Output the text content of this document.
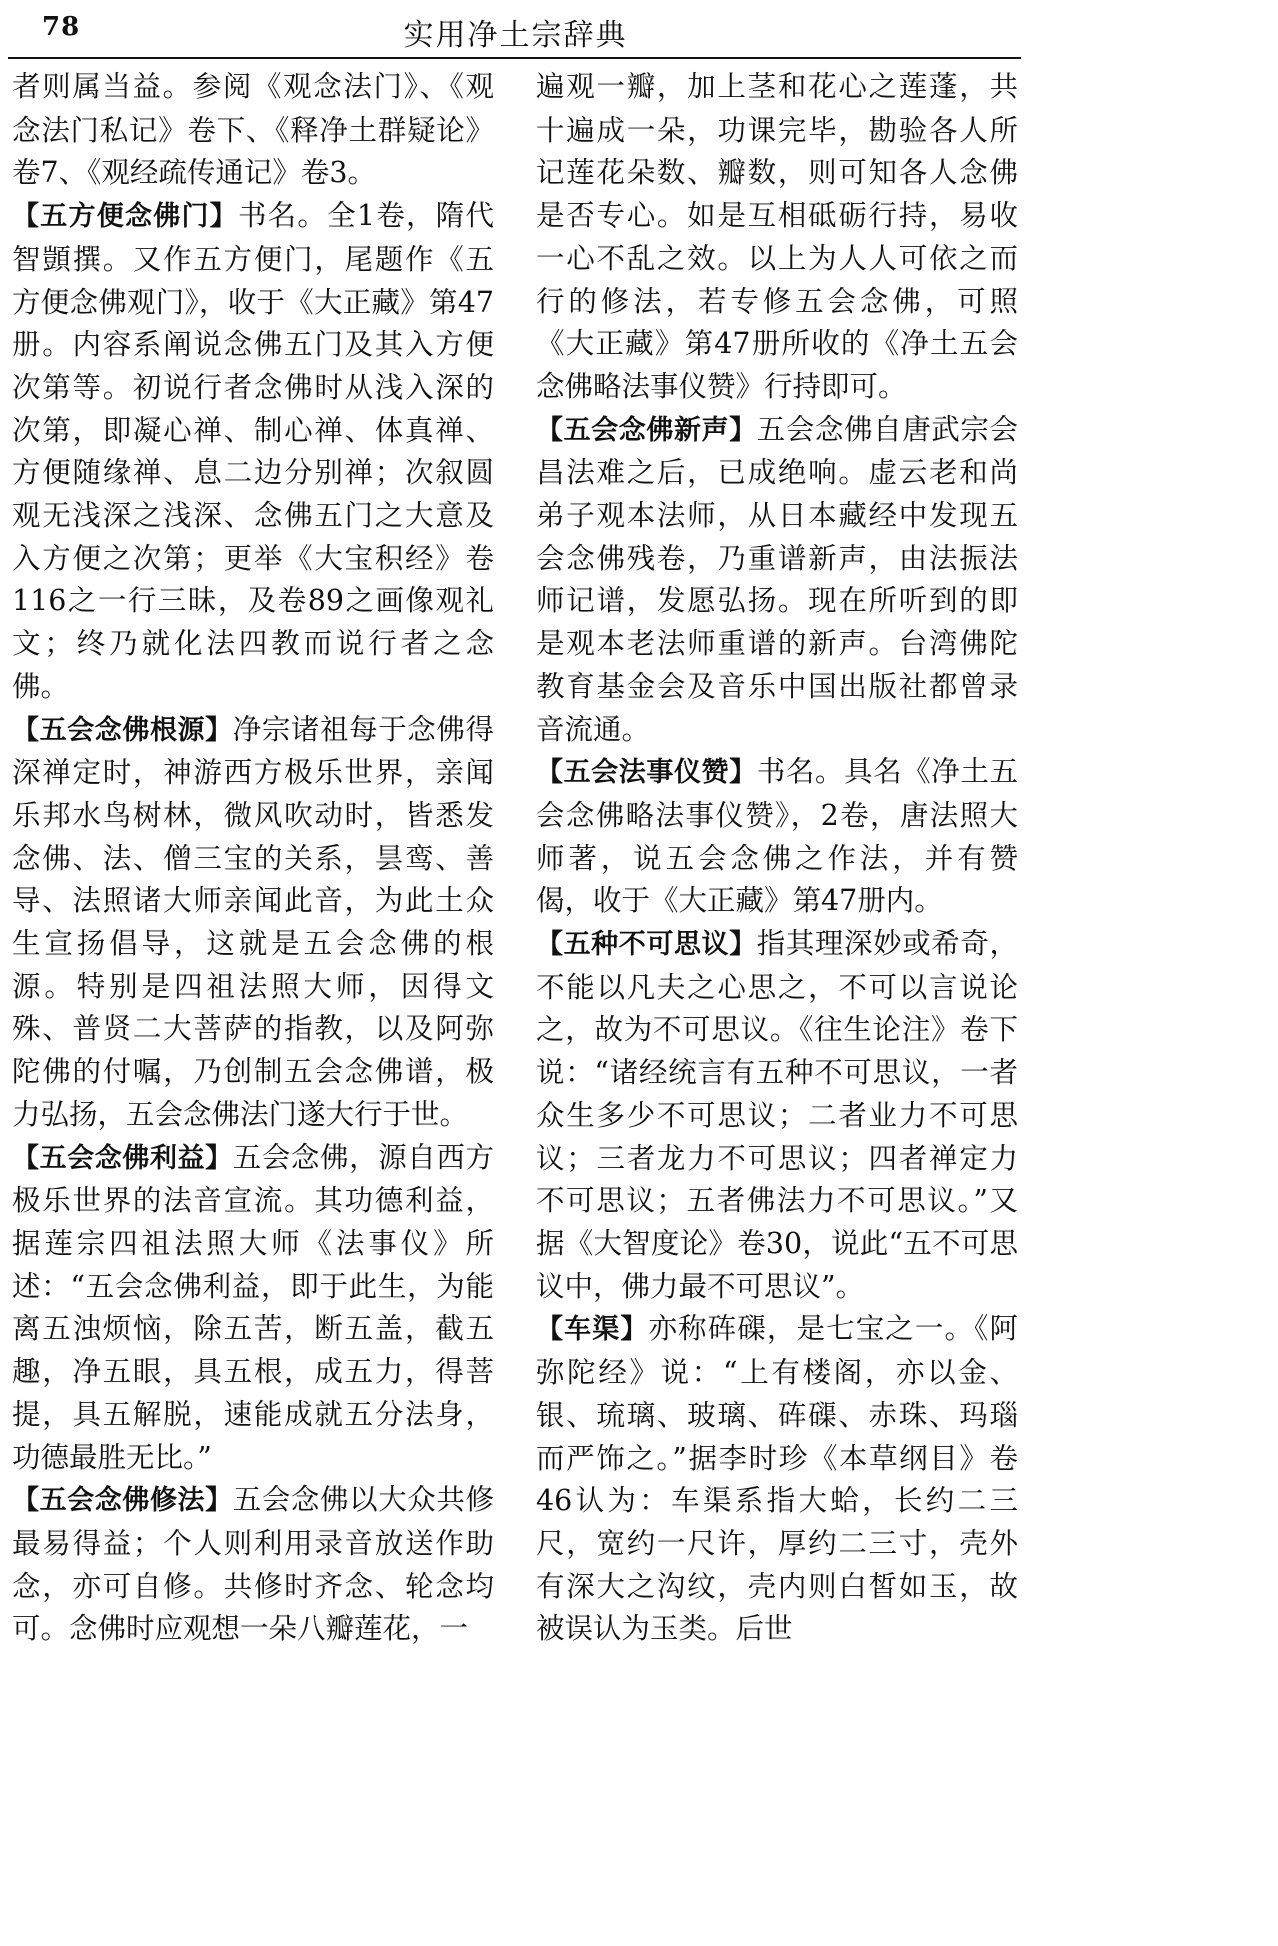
78	实用净土宗辞典

者则属当益。参阅《观念法门》、《观念法门私记》卷下、《释净土群疑论》卷7、《观经疏传通记》卷3。

【五方便念佛门】书名。全1卷，隋代智顗撰。又作五方便门，尾题作《五方便念佛观门》，收于《大正藏》第47册。内容系阐说念佛五门及其入方便次第等。初说行者念佛时从浅入深的次第，即凝心禅、制心禅、体真禅、方便随缘禅、息二边分别禅；次叙圆观无浅深之浅深、念佛五门之大意及入方便之次第；更举《大宝积经》卷116之一行三昧，及卷89之画像观礼文；终乃就化法四教而说行者之念佛。

【五会念佛根源】净宗诸祖每于念佛得深禅定时，神游西方极乐世界，亲闻乐邦水鸟树林，微风吹动时，皆悉发念佛、法、僧三宝的关系，昙鸾、善导、法照诸大师亲闻此音，为此土众生宣扬倡导，这就是五会念佛的根源。特别是四祖法照大师，因得文殊、普贤二大菩萨的指教，以及阿弥陀佛的付嘱，乃创制五会念佛谱，极力弘扬，五会念佛法门遂大行于世。

【五会念佛利益】五会念佛，源自西方极乐世界的法音宣流。其功德利益，据莲宗四祖法照大师《法事仪》所述：“五会念佛利益，即于此生，为能离五浊烦恼，除五苦，断五盖，截五趣，净五眼，具五根，成五力，得菩提，具五解脱，速能成就五分法身，功德最胜无比。”

【五会念佛修法】五会念佛以大众共修最易得益；个人则利用录音放送作助念，亦可自修。共修时齐念、轮念均可。念佛时应观想一朵八瓣莲花，一

遍观一瓣，加上茎和花心之莲蓬，共十遍成一朵，功课完毕，勘验各人所记莲花朵数、瓣数，则可知各人念佛是否专心。如是互相砥砺行持，易收一心不乱之效。以上为人人可依之而行的修法，若专修五会念佛，可照《大正藏》第47册所收的《净土五会念佛略法事仪赞》行持即可。

【五会念佛新声】五会念佛自唐武宗会昌法难之后，已成绝响。虚云老和尚弟子观本法师，从日本藏经中发现五会念佛残卷，乃重谱新声，由法振法师记谱，发愿弘扬。现在所听到的即是观本老法师重谱的新声。台湾佛陀教育基金会及音乐中国出版社都曾录音流通。

【五会法事仪赞】书名。具名《净土五会念佛略法事仪赞》，2卷，唐法照大师著，说五会念佛之作法，并有赞偈，收于《大正藏》第47册内。

【五种不可思议】指其理深妙或希奇，不能以凡夫之心思之，不可以言说论之，故为不可思议。《往生论注》卷下说：“诸经统言有五种不可思议，一者众生多少不可思议；二者业力不可思议；三者龙力不可思议；四者禅定力不可思议；五者佛法力不可思议。”又据《大智度论》卷30，说此“五不可思议中，佛力最不可思议”。

【车渠】亦称砗磲，是七宝之一。《阿弥陀经》说：“上有楼阁，亦以金、银、琉璃、玻璃、砗磲、赤珠、玛瑙而严饰之。”据李时珍《本草纲目》卷46认为：车渠系指大蛤，长约二三尺，宽约一尺许，厚约二三寸，壳外有深大之沟纹，壳内则白皙如玉，故被误认为玉类。后世
